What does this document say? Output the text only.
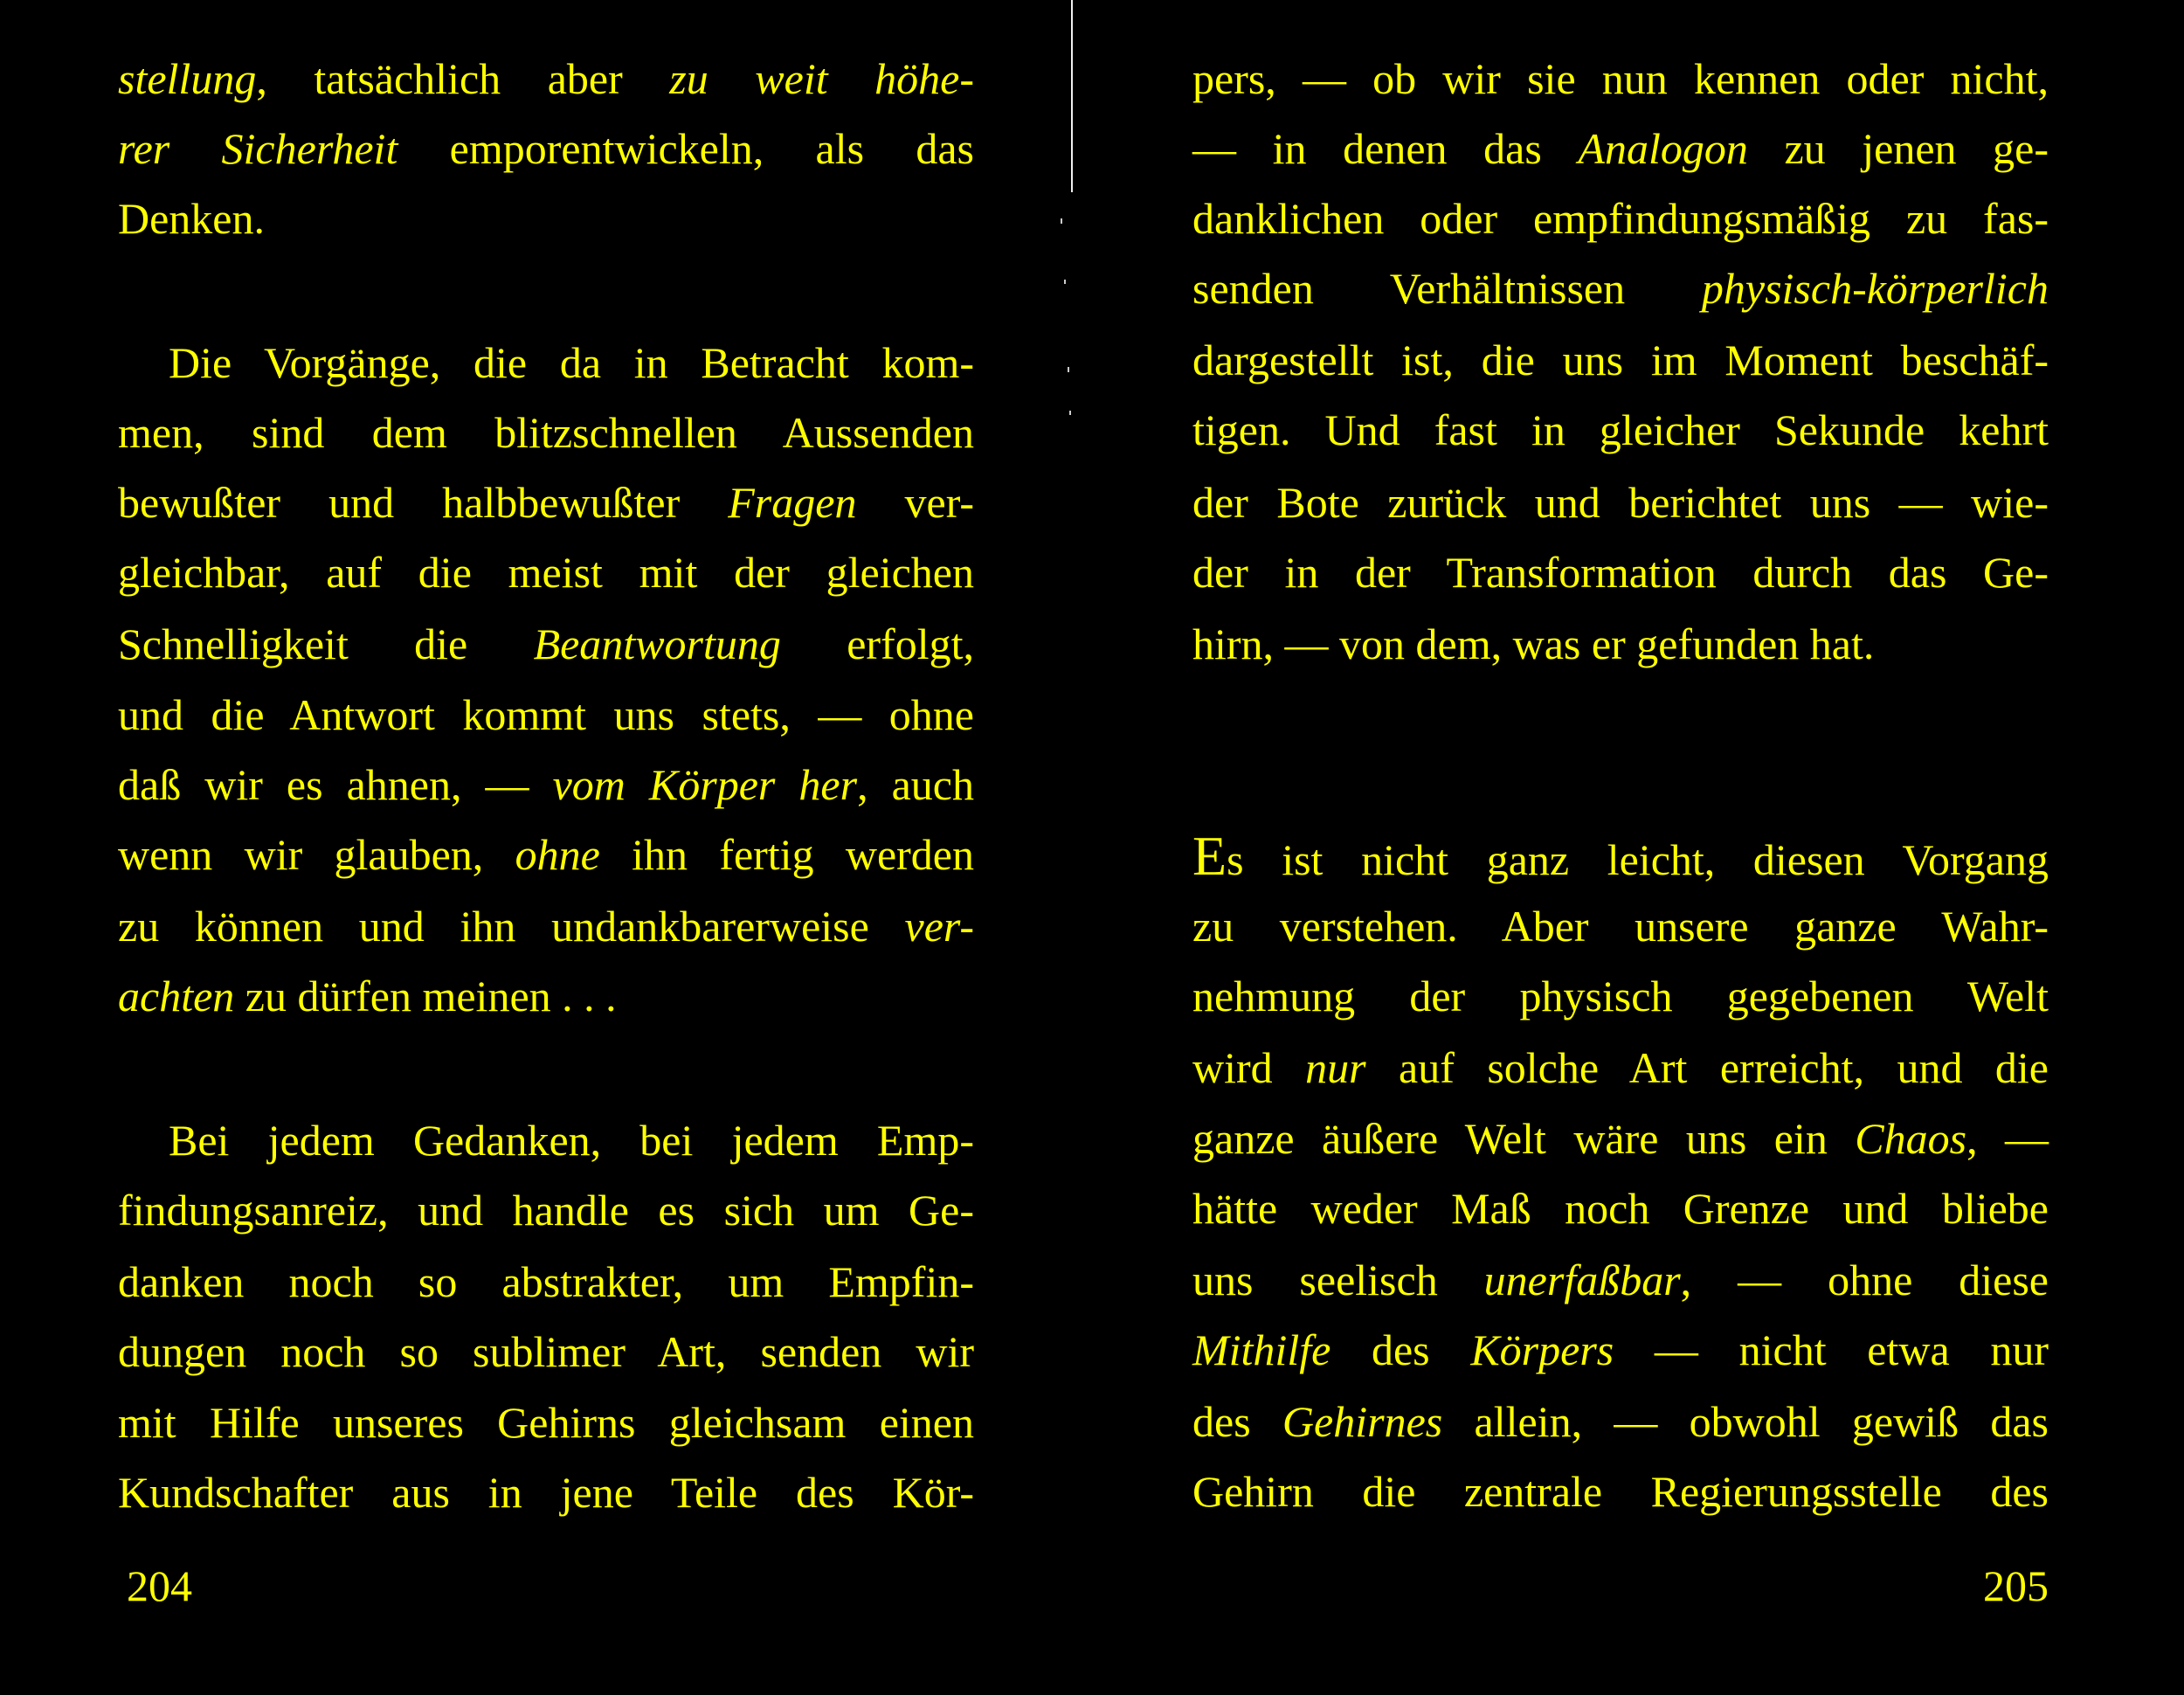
stellung, tatsächlich aber zu weit höhe-
rer Sicherheit emporentwickeln, als das
Denken.
Die Vorgänge, die da in Betracht kom-
men, sind dem blitzschnellen Aussenden
bewußter und halbbewußter Fragen ver-
gleichbar, auf die meist mit der gleichen
Schnelligkeit die Beantwortung erfolgt,
und die Antwort kommt uns stets, — ohne
daß wir es ahnen, — vom Körper her, auch
wenn wir glauben, ohne ihn fertig werden
zu können und ihn undankbarerweise ver-
achten zu dürfen meinen . . .
Bei jedem Gedanken, bei jedem Emp-
findungsanreiz, und handle es sich um Ge-
danken noch so abstrakter, um Empfin-
dungen noch so sublimer Art, senden wir
mit Hilfe unseres Gehirns gleichsam einen
Kundschafter aus in jene Teile des Kör-
204
pers, — ob wir sie nun kennen oder nicht,
— in denen das Analogon zu jenen ge-
danklichen oder empfindungsmäßig zu fas-
senden Verhältnissen physisch-körperlich
dargestellt ist, die uns im Moment beschäf-
tigen. Und fast in gleicher Sekunde kehrt
der Bote zurück und berichtet uns — wie-
der in der Transformation durch das Ge-
hirn, — von dem, was er gefunden hat.
Es ist nicht ganz leicht, diesen Vorgang
zu verstehen. Aber unsere ganze Wahr-
nehmung der physisch gegebenen Welt
wird nur auf solche Art erreicht, und die
ganze äußere Welt wäre uns ein Chaos, —
hätte weder Maß noch Grenze und bliebe
uns seelisch unerfaßbar, — ohne diese
Mithilfe des Körpers — nicht etwa nur
des Gehirnes allein, — obwohl gewiß das
Gehirn die zentrale Regierungsstelle des
205
